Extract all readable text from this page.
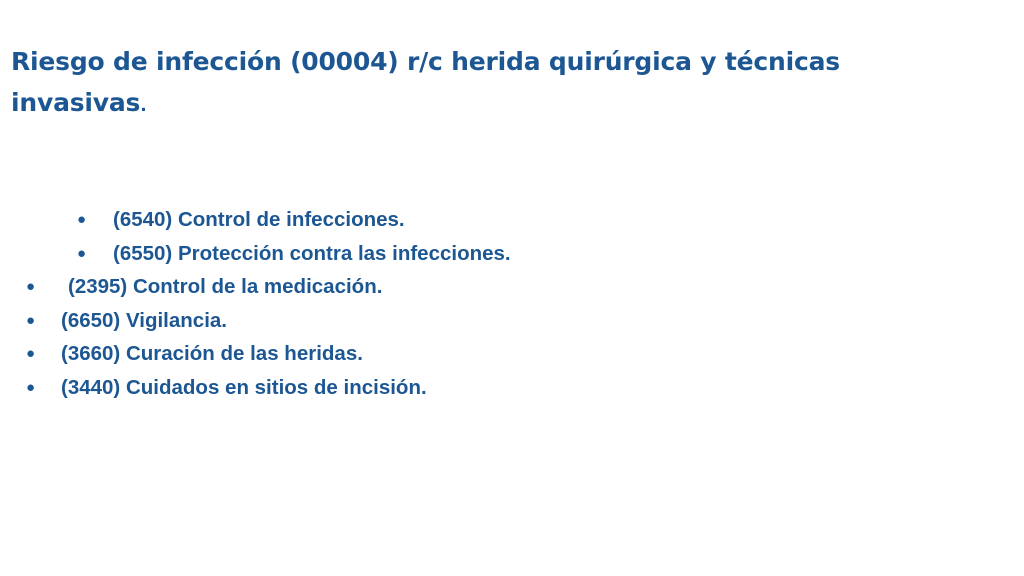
Riesgo de infección (00004) r/c herida quirúrgica y técnicas invasivas.
● (6540) Control de infecciones.
● (6550) Protección contra las infecciones.
● (2395) Control de la medicación.
● (6650) Vigilancia.
● (3660) Curación de las heridas.
● (3440) Cuidados en sitios de incisión.
